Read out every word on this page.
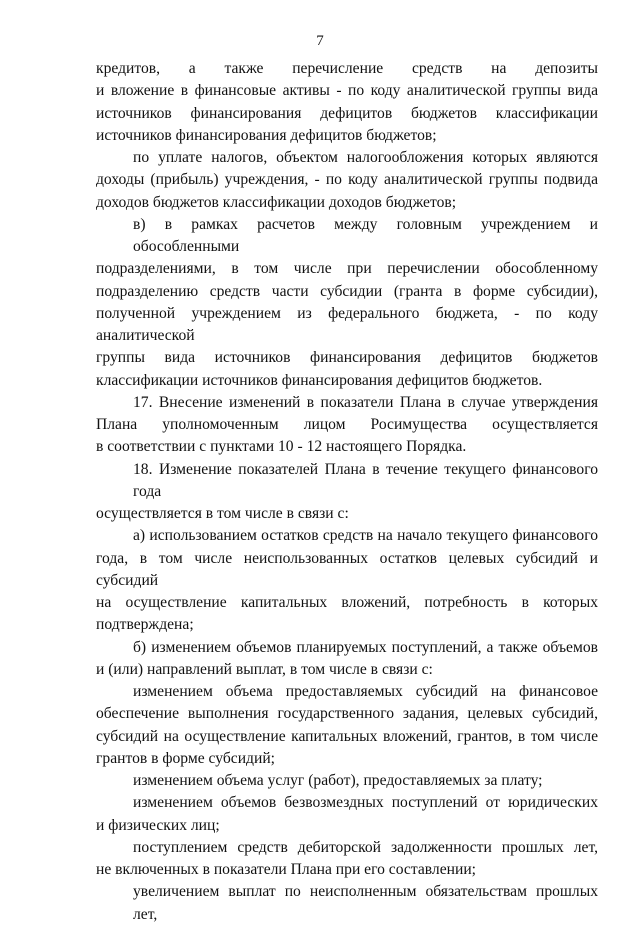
7
кредитов, а также перечисление средств на депозиты
и вложение в финансовые активы - по коду аналитической группы вида
источников финансирования дефицитов бюджетов классификации
источников финансирования дефицитов бюджетов;
по уплате налогов, объектом налогообложения которых являются
доходы (прибыль) учреждения, - по коду аналитической группы подвида
доходов бюджетов классификации доходов бюджетов;
в) в рамках расчетов между головным учреждением и обособленными
подразделениями, в том числе при перечислении обособленному
подразделению средств части субсидии (гранта в форме субсидии),
полученной учреждением из федерального бюджета, - по коду аналитической
группы вида источников финансирования дефицитов бюджетов
классификации источников финансирования дефицитов бюджетов.
17. Внесение изменений в показатели Плана в случае утверждения
Плана уполномоченным лицом Росимущества осуществляется
в соответствии с пунктами 10 - 12 настоящего Порядка.
18. Изменение показателей Плана в течение текущего финансового года
осуществляется в том числе в связи с:
а) использованием остатков средств на начало текущего финансового
года, в том числе неиспользованных остатков целевых субсидий и субсидий
на осуществление капитальных вложений, потребность в которых
подтверждена;
б) изменением объемов планируемых поступлений, а также объемов
и (или) направлений выплат, в том числе в связи с:
изменением объема предоставляемых субсидий на финансовое
обеспечение выполнения государственного задания, целевых субсидий,
субсидий на осуществление капитальных вложений, грантов, в том числе
грантов в форме субсидий;
изменением объема услуг (работ), предоставляемых за плату;
изменением объемов безвозмездных поступлений от юридических
и физических лиц;
поступлением средств дебиторской задолженности прошлых лет,
не включенных в показатели Плана при его составлении;
увеличением выплат по неисполненным обязательствам прошлых лет,
